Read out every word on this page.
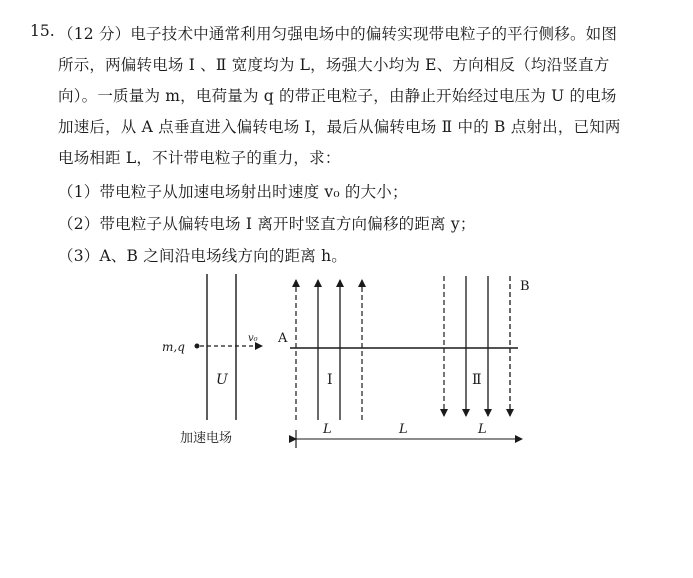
15. （12 分）电子技术中通常利用匀强电场中的偏转实现带电粒子的平行侧移。如图
所示，两偏转电场 Ⅰ 、Ⅱ 宽度均为 L，场强大小均为 E、方向相反（均沿竖直方
向）。一质量为 m，电荷量为 q 的带正电粒子，由静止开始经过电压为 U 的电场
加速后，从 A 点垂直进入偏转电场 Ⅰ，最后从偏转电场 Ⅱ 中的 B 点射出，已知两
电场相距 L，不计带电粒子的重力，求：
（1）带电粒子从加速电场射出时速度 v₀ 的大小；
（2）带电粒子从偏转电场 Ⅰ 离开时竖直方向偏移的距离 y；
（3）A、B 之间沿电场线方向的距离 h。
U
m,q
v₀ A
Ⅰ	Ⅱ
B
加速电场
L	L	L
